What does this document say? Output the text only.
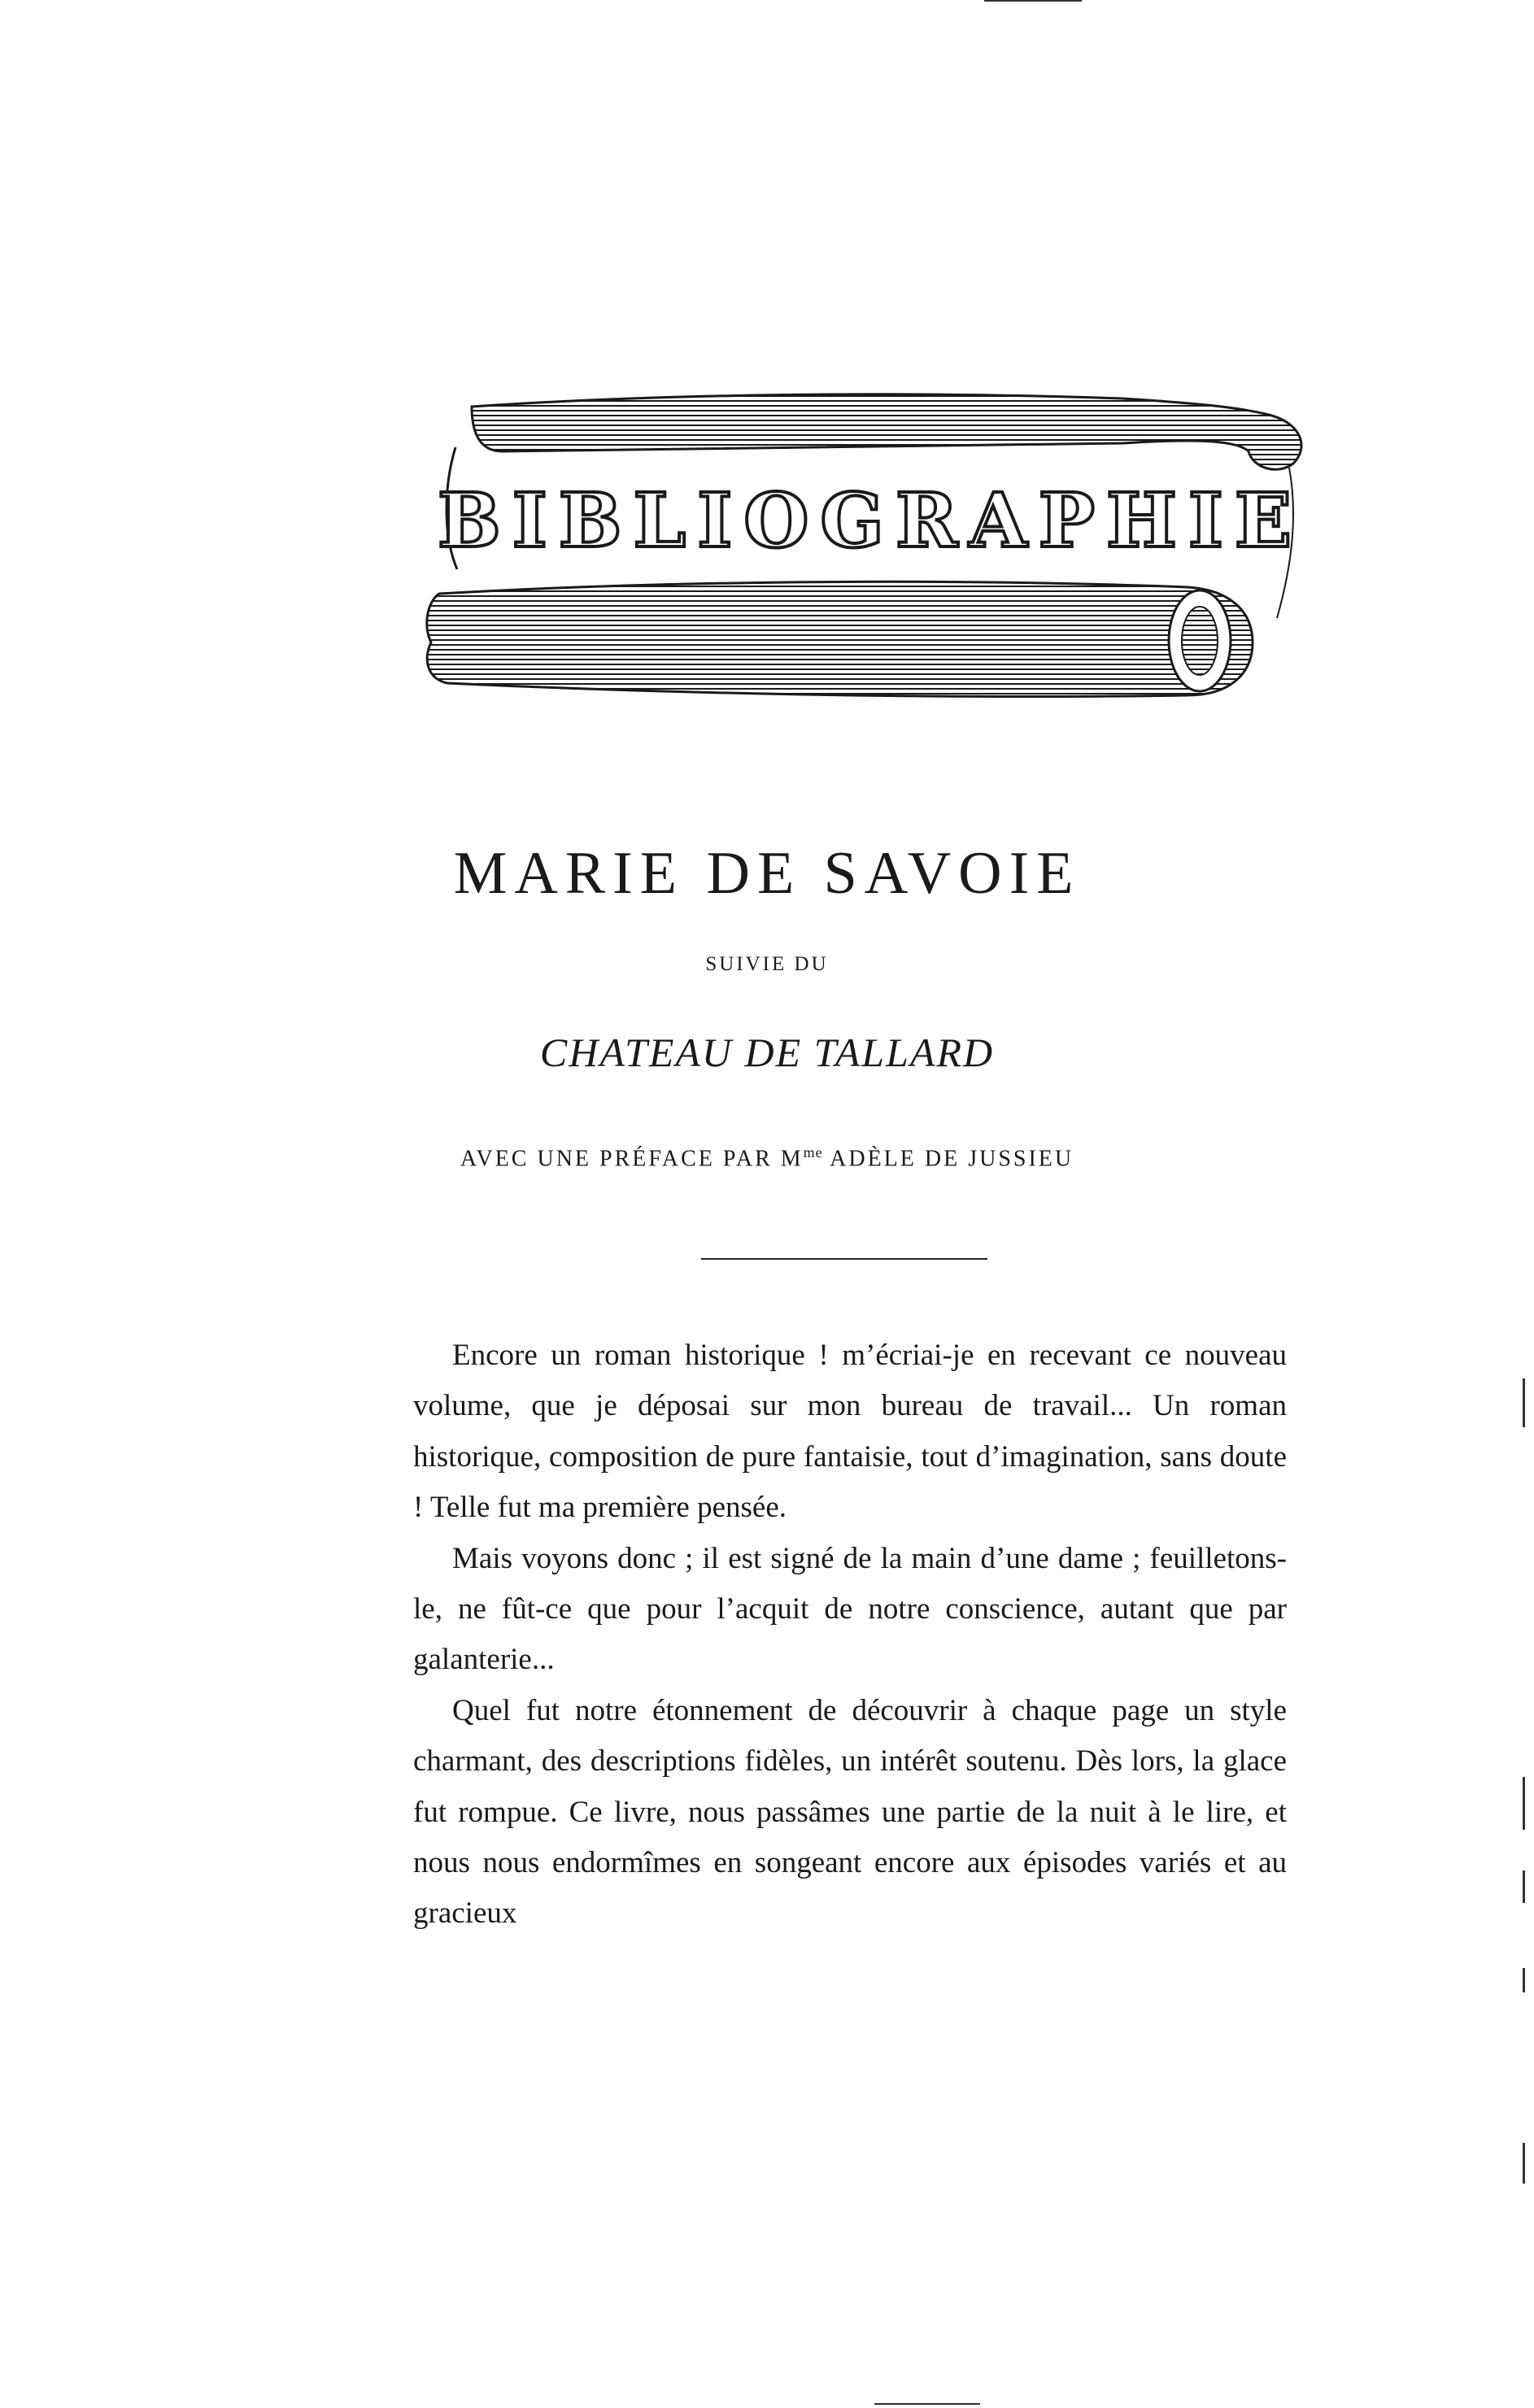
BIBLIOGRAPHIE
MARIE DE SAVOIE
SUIVIE DU
CHATEAU DE TALLARD
AVEC UNE PRÉFACE PAR $M^{me}$ ADÈLE DE JUSSIEU

Encore un roman historique ! m’écriai-je en recevant ce nouveau volume, que je déposai sur mon bureau de travail... Un roman historique, composition de pure fantaisie, tout d’imagination, sans doute ! Telle fut ma première pensée.

Mais voyons donc ; il est signé de la main d’une dame ; feuilletons-le, ne fût-ce que pour l’acquit de notre conscience, autant que par galanterie...

Quel fut notre étonnement de découvrir à chaque page un style charmant, des descriptions fidèles, un intérêt soutenu. Dès lors, la glace fut rompue. Ce livre, nous passâmes une partie de la nuit à le lire, et nous nous endormîmes en songeant encore aux épisodes variés et au gracieux
